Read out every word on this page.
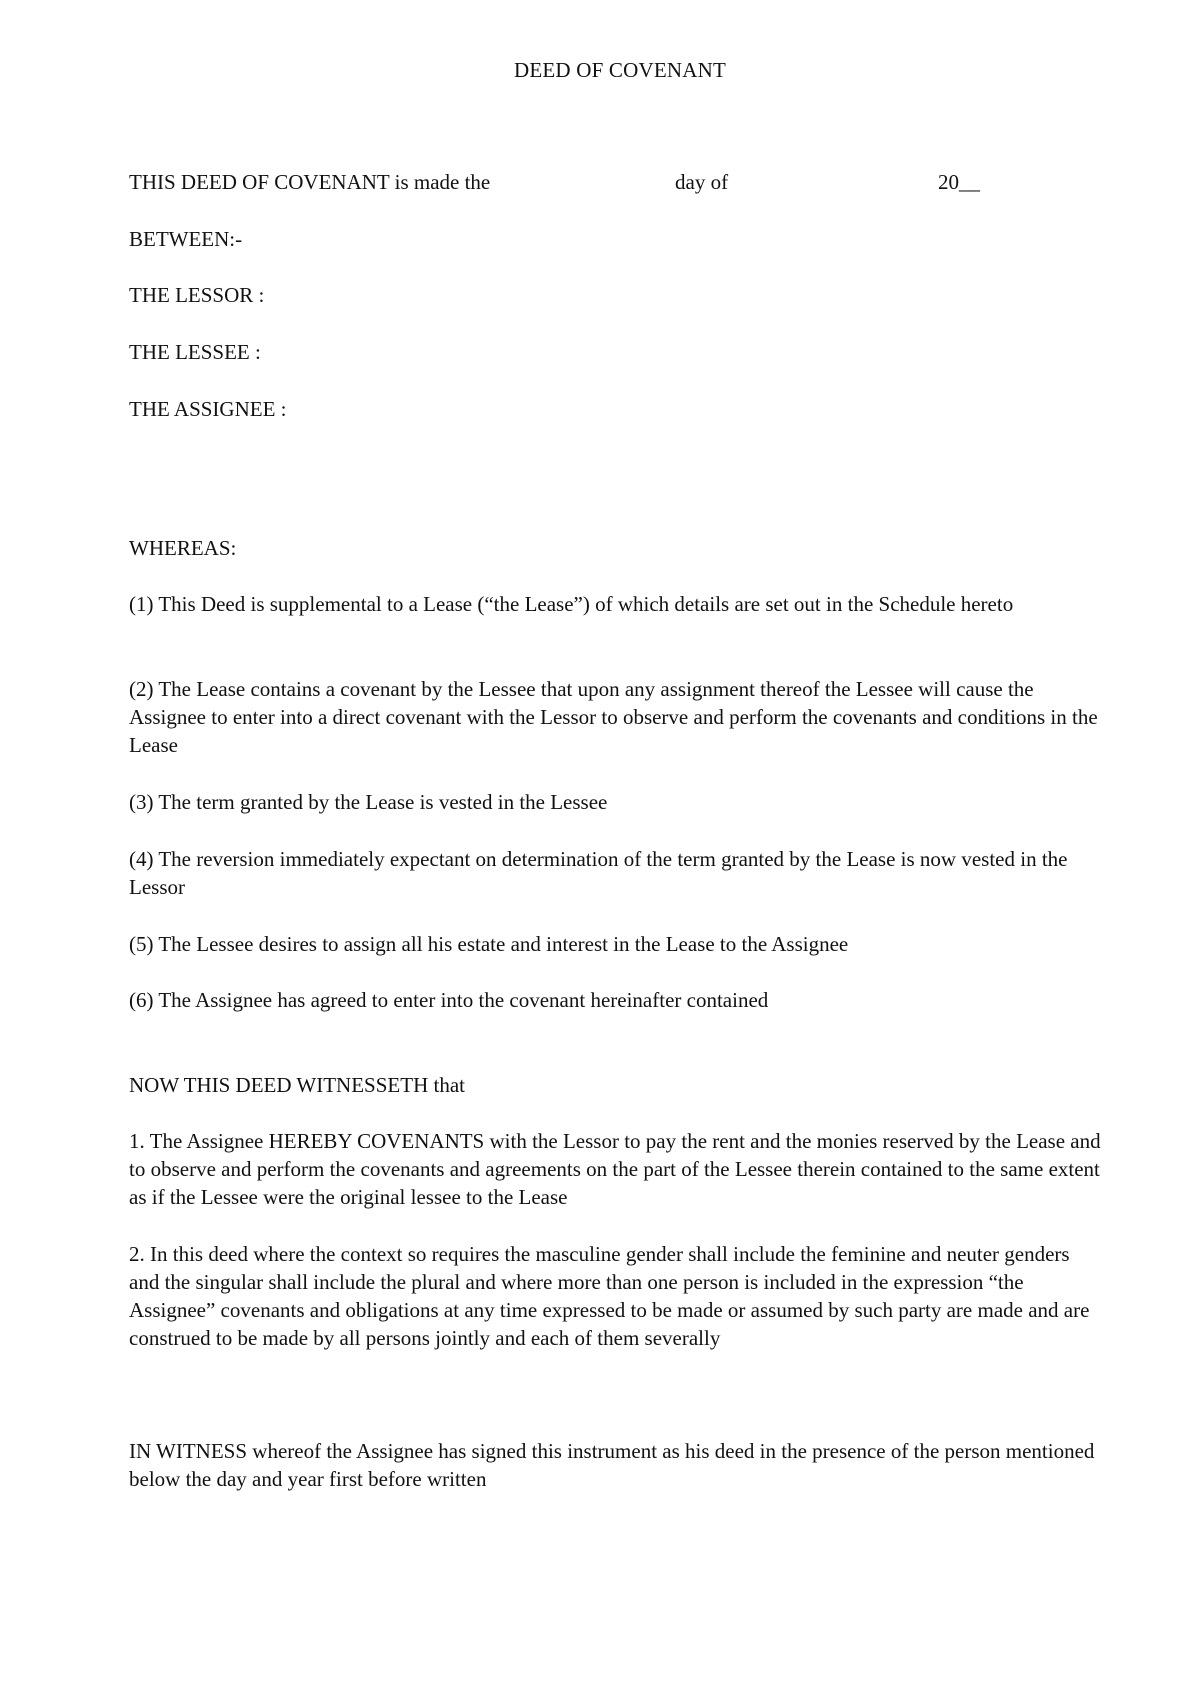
DEED OF COVENANT
THIS DEED OF COVENANT is made the	day of	20__
BETWEEN:-
THE LESSOR :
THE LESSEE :
THE ASSIGNEE :
WHEREAS:
(1) This Deed is supplemental to a Lease (“the Lease”) of which details are set out in the Schedule hereto
(2) The Lease contains a covenant by the Lessee that upon any assignment thereof the Lessee will cause the Assignee to enter into a direct covenant with the Lessor to observe and perform the covenants and conditions in the Lease
(3) The term granted by the Lease is vested in the Lessee
(4) The reversion immediately expectant on determination of the term granted by the Lease is now vested in the Lessor
(5) The Lessee desires to assign all his estate and interest in the Lease to the Assignee
(6) The Assignee has agreed to enter into the covenant hereinafter contained
NOW THIS DEED WITNESSETH that
1. The Assignee HEREBY COVENANTS with the Lessor to pay the rent and the monies reserved by the Lease and to observe and perform the covenants and agreements on the part of the Lessee therein contained to the same extent as if the Lessee were the original lessee to the Lease
2. In this deed where the context so requires the masculine gender shall include the feminine and neuter genders and the singular shall include the plural and where more than one person is included in the expression “the Assignee” covenants and obligations at any time expressed to be made or assumed by such party are made and are construed to be made by all persons jointly and each of them severally
IN WITNESS whereof the Assignee has signed this instrument as his deed in the presence of the person mentioned below the day and year first before written
